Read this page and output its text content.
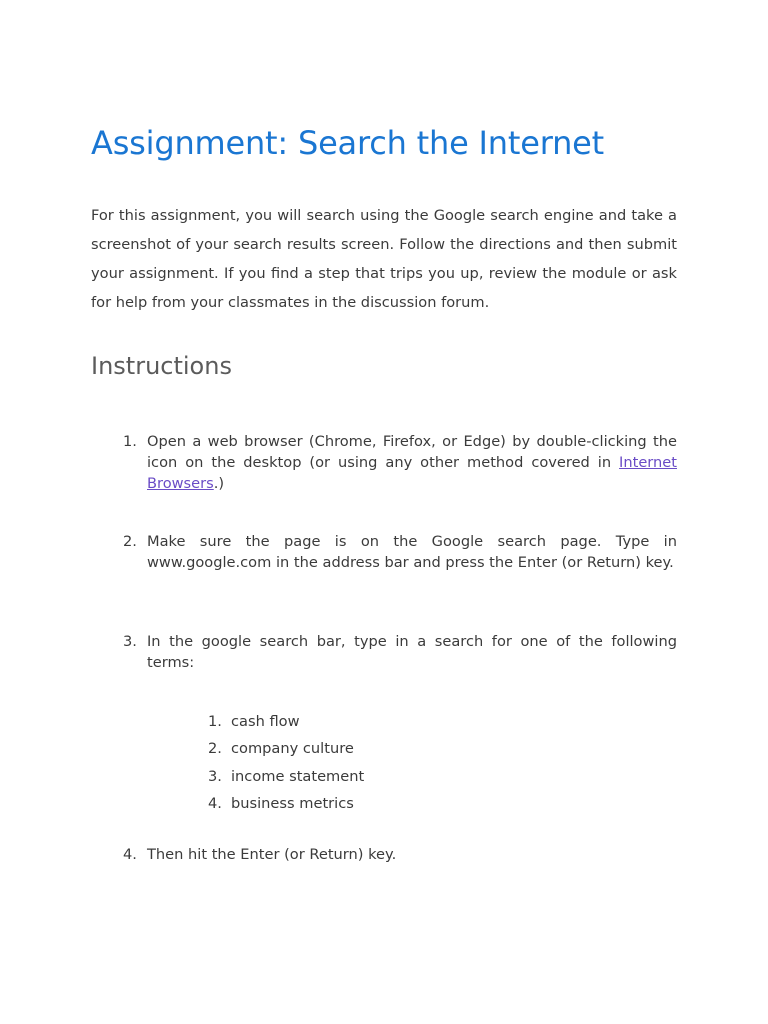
Assignment: Search the Internet

For this assignment, you will search using the Google search engine and take a screenshot of your search results screen. Follow the directions and then submit your assignment. If you find a step that trips you up, review the module or ask for help from your classmates in the discussion forum.

Instructions
1. Open a web browser (Chrome, Firefox, or Edge) by double-clicking the icon on the desktop (or using any other method covered in Internet Browsers.)
2. Make sure the page is on the Google search page. Type in www.google.com in the address bar and press the Enter (or Return) key.
3. In the google search bar, type in a search for one of the following terms:
1. cash flow
2. company culture
3. income statement
4. business metrics
4. Then hit the Enter (or Return) key.
